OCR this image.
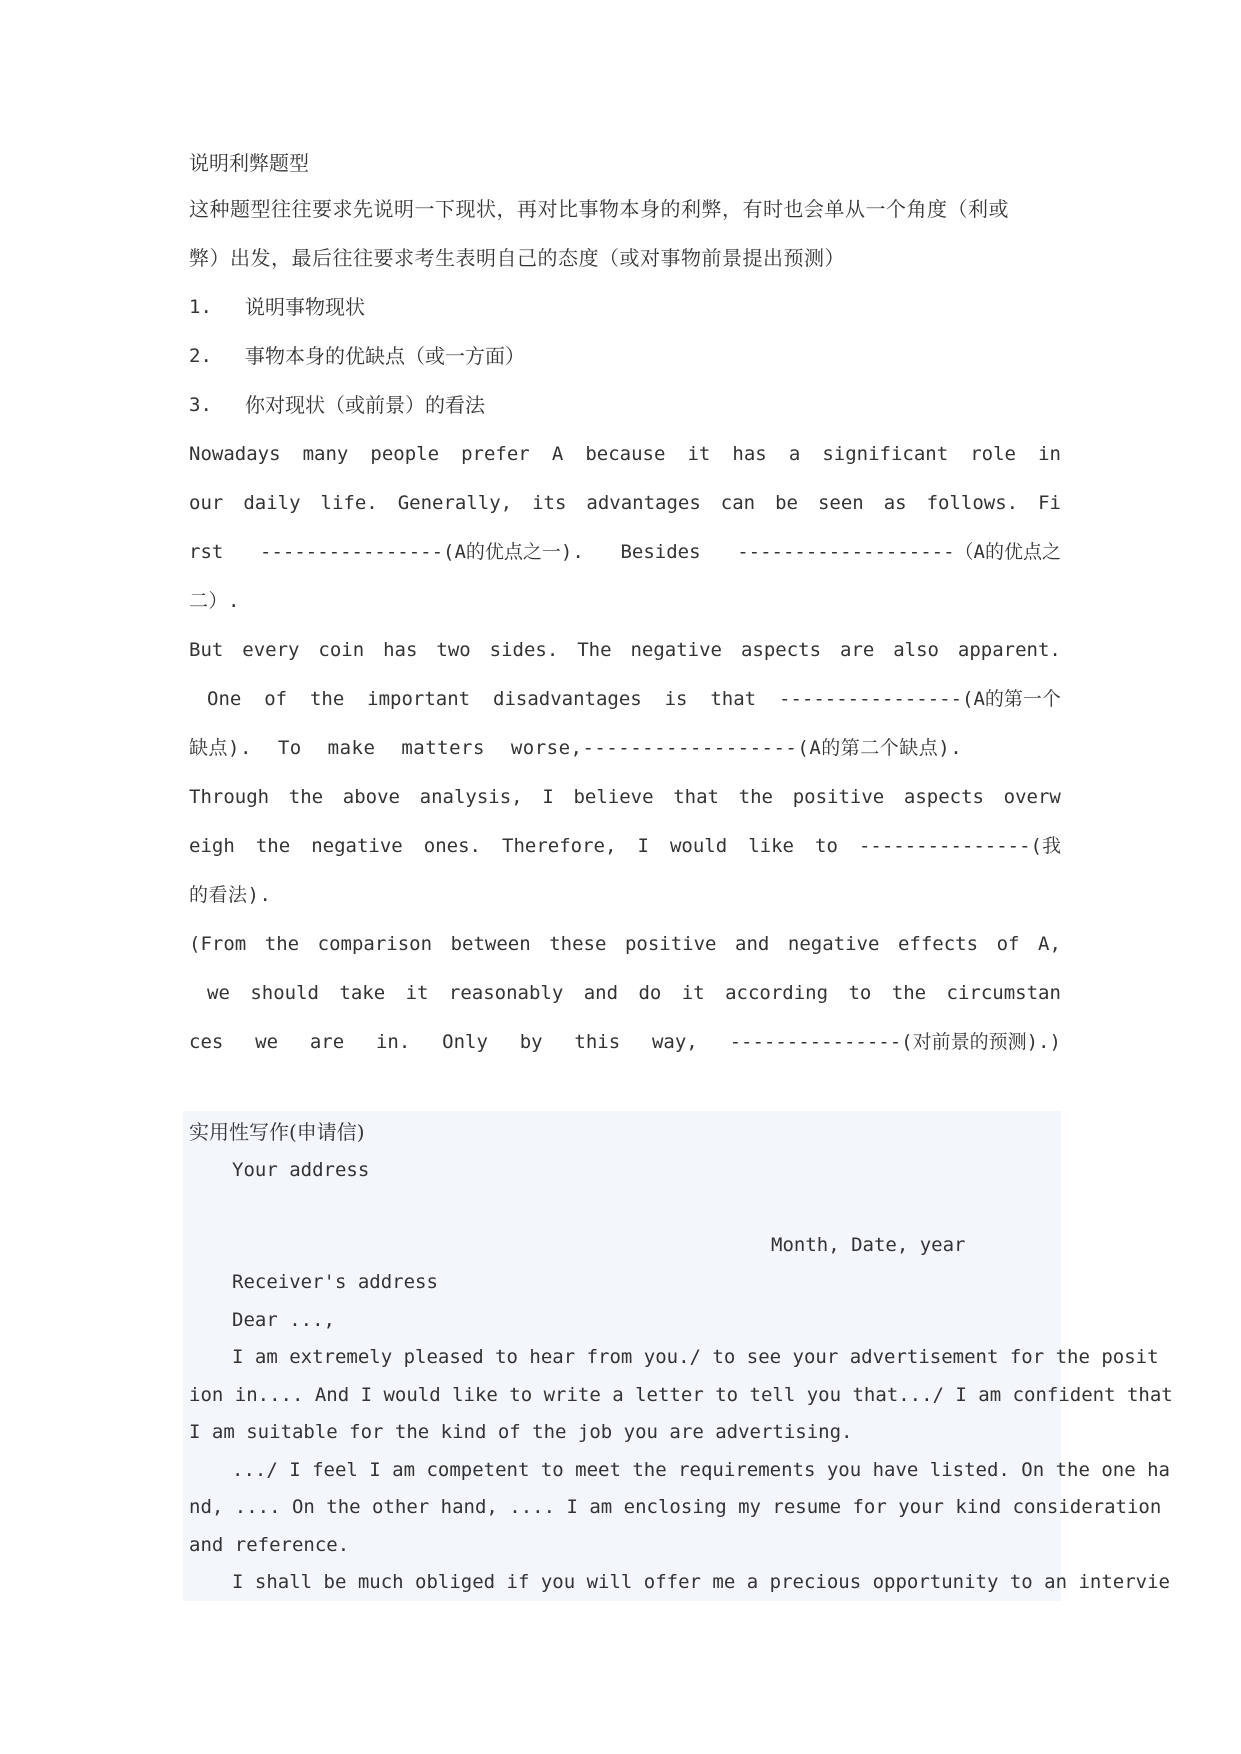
说明利弊题型
这种题型往往要求先说明一下现状，再对比事物本身的利弊，有时也会单从一个角度（利或
弊）出发，最后往往要求考生表明自己的态度（或对事物前景提出预测）
1.	说明事物现状
2.	事物本身的优缺点（或一方面）
3.	你对现状（或前景）的看法
Nowadays many people prefer A because it has a significant role in
our daily life. Generally, its advantages can be seen as follows. Fi
rst ----------------(A的优点之一). Besides -------------------（A的优点之
二）.
But every coin has two sides. The negative aspects are also apparent.
One of the important disadvantages is that ----------------(A的第一个
缺点). To make matters worse,------------------(A的第二个缺点).
Through the above analysis, I believe that the positive aspects overw
eigh the negative ones. Therefore, I would like to ---------------(我
的看法).
(From the comparison between these positive and negative effects of A,
we should take it reasonably and do it according to the circumstan
ces we are in. Only by this way, ---------------(对前景的预测).)
实用性写作(申请信)
Your address
Month, Date, year
Receiver's address
Dear ...,
I am extremely pleased to hear from you./ to see your advertisement for the posit
ion in.... And I would like to write a letter to tell you that.../ I am confident that
I am suitable for the kind of the job you are advertising.
.../ I feel I am competent to meet the requirements you have listed. On the one ha
nd, .... On the other hand, .... I am enclosing my resume for your kind consideration
and reference.
I shall be much obliged if you will offer me a precious opportunity to an intervie
